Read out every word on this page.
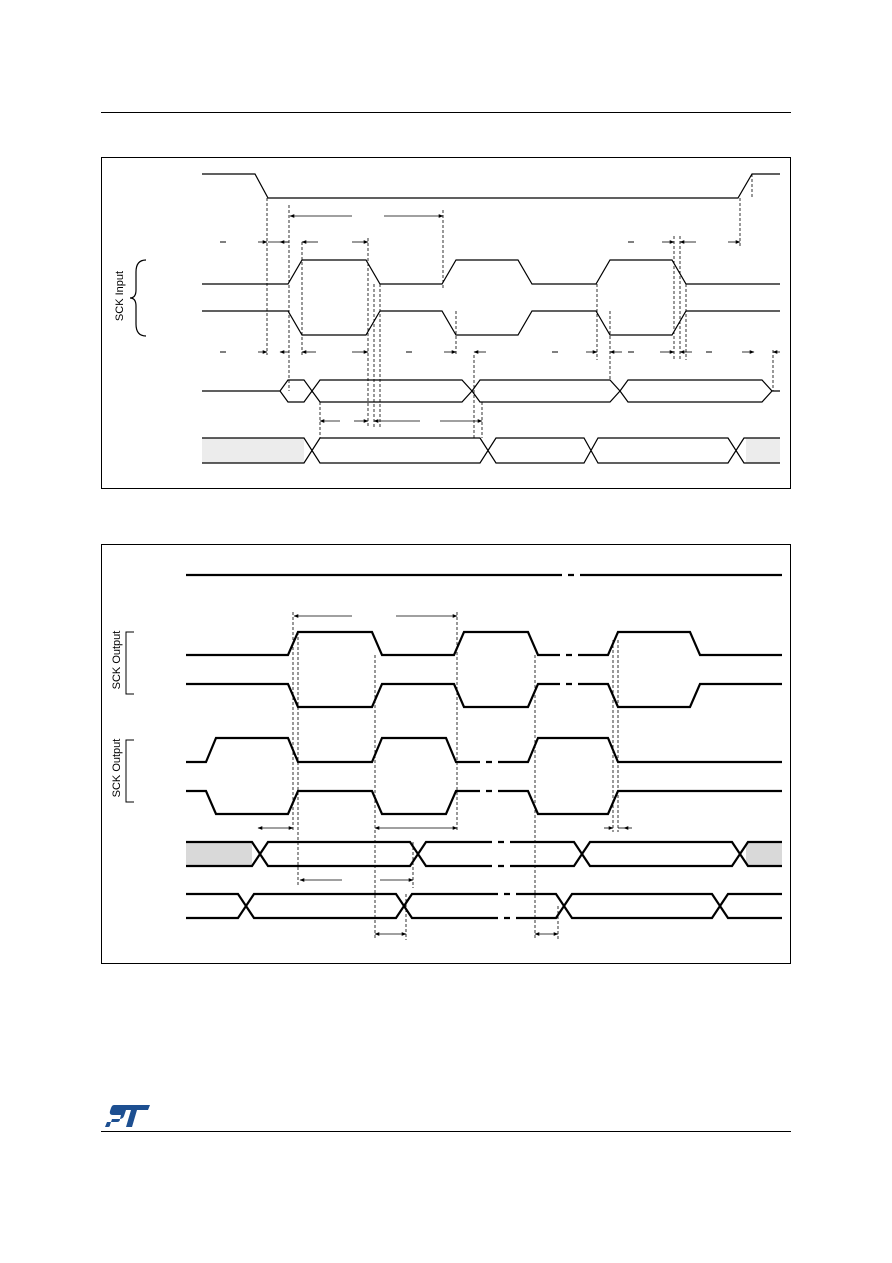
SCK Input
SCK Output
SCK Output
